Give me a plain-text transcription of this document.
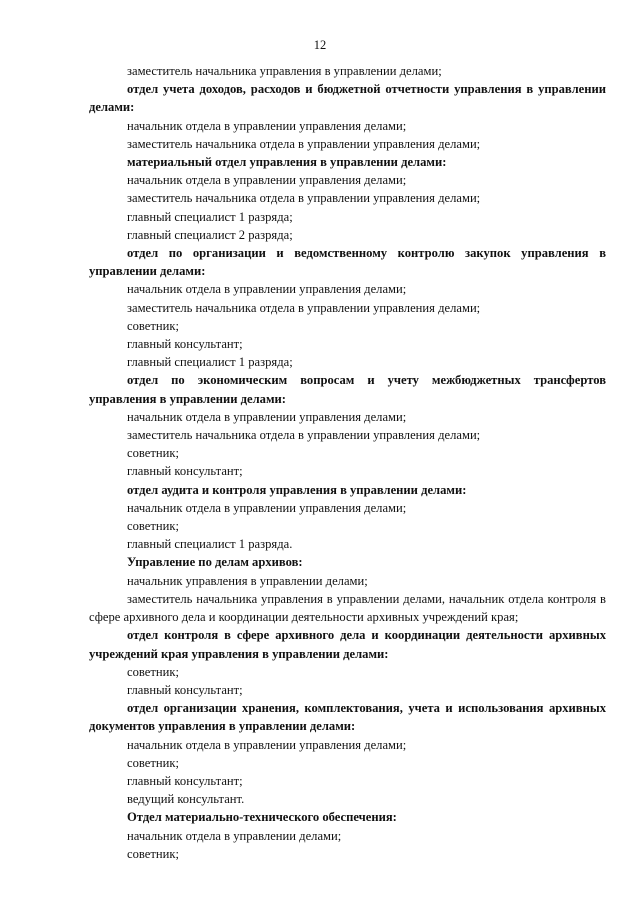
12

заместитель начальника управления в управлении делами;

отдел учета доходов, расходов и бюджетной отчетности управления в управлении делами:

начальник отдела в управлении управления делами;

заместитель начальника отдела в управлении управления делами;

материальный отдел управления в управлении делами:

начальник отдела в управлении управления делами;

заместитель начальника отдела в управлении управления делами;

главный специалист 1 разряда;

главный специалист 2 разряда;

отдел по организации и ведомственному контролю закупок управления в управлении делами:

начальник отдела в управлении управления делами;

заместитель начальника отдела в управлении управления делами;

советник;

главный консультант;

главный специалист 1 разряда;

отдел по экономическим вопросам и учету межбюджетных трансфертов управления в управлении делами:

начальник отдела в управлении управления делами;

заместитель начальника отдела в управлении управления делами;

советник;

главный консультант;

отдел аудита и контроля управления в управлении делами:

начальник отдела в управлении управления делами;

советник;

главный специалист 1 разряда.

Управление по делам архивов:

начальник управления в управлении делами;

заместитель начальника управления в управлении делами, начальник отдела контроля в сфере архивного дела и координации деятельности архивных учреждений края;

отдел контроля в сфере архивного дела и координации деятельности архивных учреждений края управления в управлении делами:

советник;

главный консультант;

отдел организации хранения, комплектования, учета и использования архивных документов управления в управлении делами:

начальник отдела в управлении управления делами;

советник;

главный консультант;

ведущий консультант.

Отдел материально-технического обеспечения:

начальник отдела в управлении делами;

советник;
